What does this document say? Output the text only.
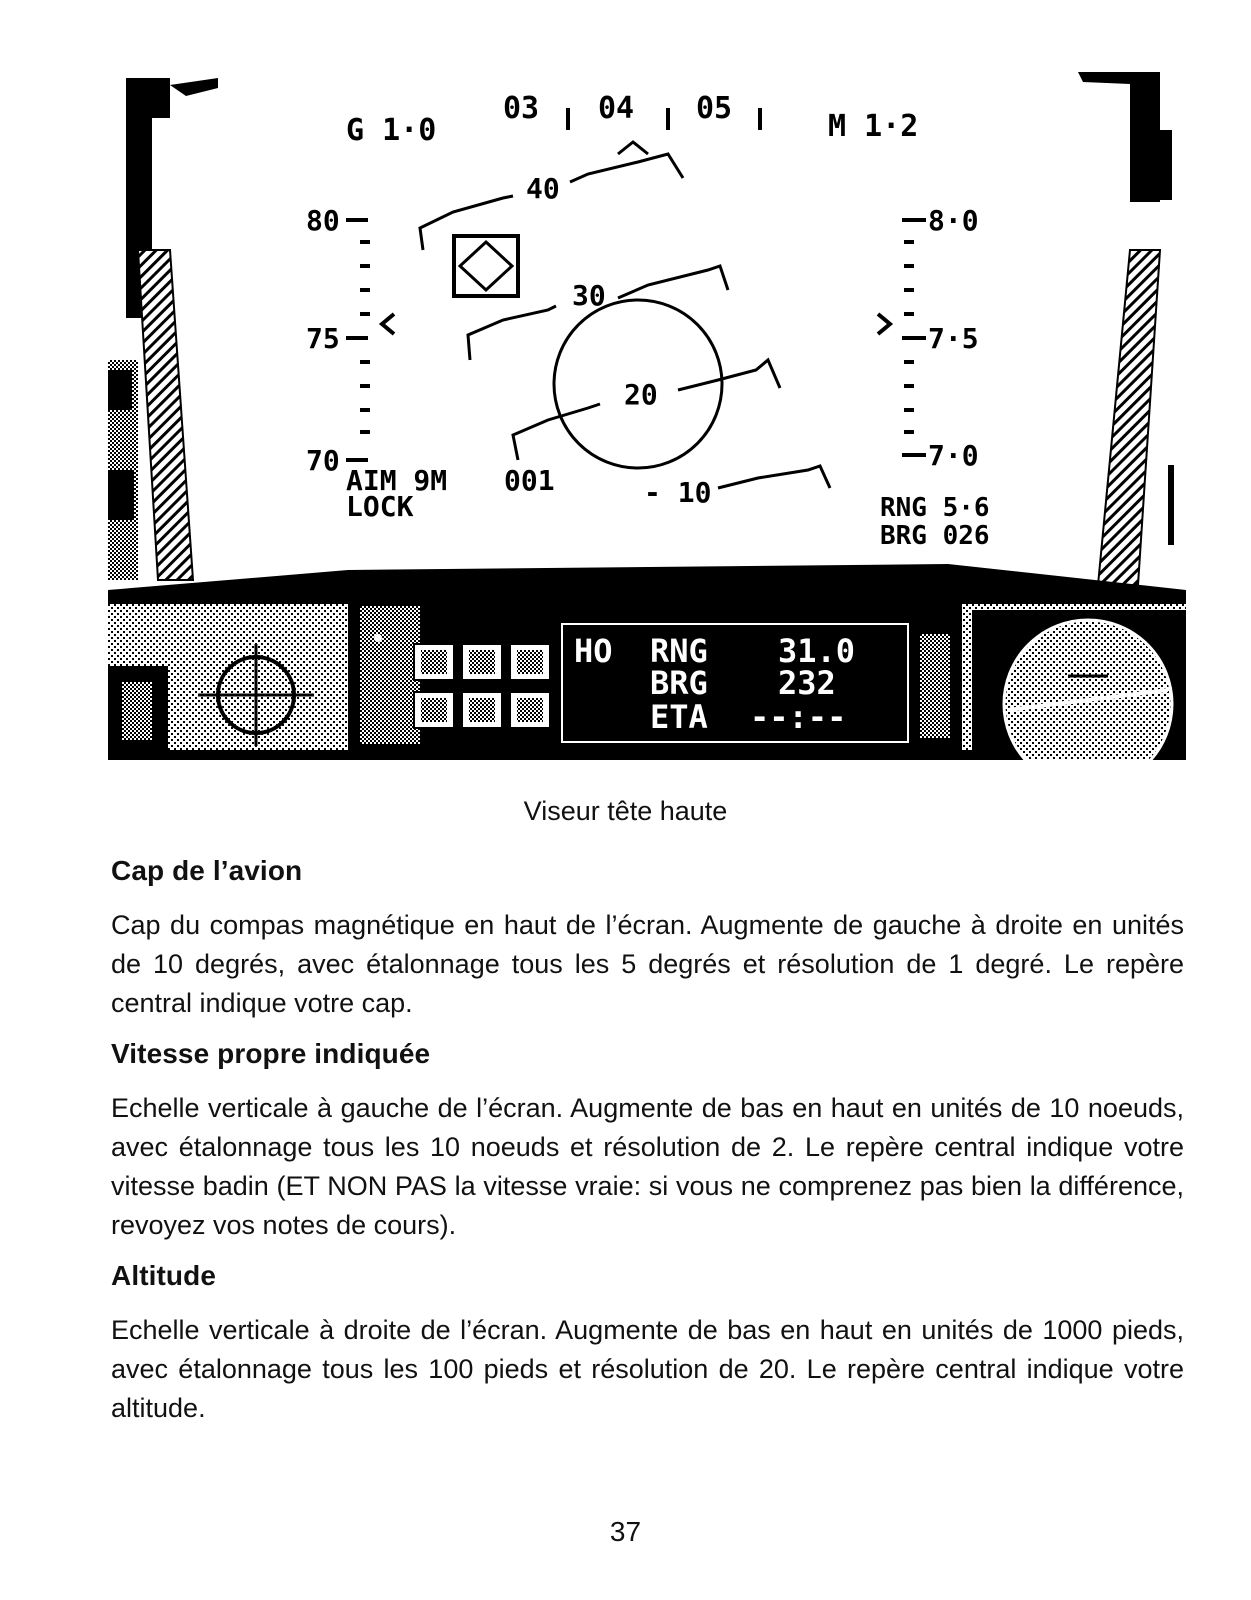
G 1·0
03 04 05
M 1·2
80
75
70
8·0
7·5
7·0
40
30
20
- 10
AIM 9M 001
LOCK	RNG 5·6
BRG 026
HO RNG 31.0
BRG 232
ETA --:--
Viseur tête haute
Cap de l’avion

Cap du compas magnétique en haut de l’écran. Augmente de gauche à droite en unités de 10 degrés, avec étalonnage tous les 5 degrés et résolution de 1 degré. Le repère central indique votre cap.

Vitesse propre indiquée

Echelle verticale à gauche de l’écran. Augmente de bas en haut en unités de 10 noeuds, avec étalonnage tous les 10 noeuds et résolution de 2. Le repère central indique votre vitesse badin (ET NON PAS la vitesse vraie: si vous ne comprenez pas bien la différence, revoyez vos notes de cours).

Altitude

Echelle verticale à droite de l’écran. Augmente de bas en haut en unités de 1000 pieds, avec étalonnage tous les 100 pieds et résolution de 20. Le repère central indique votre altitude.

37
